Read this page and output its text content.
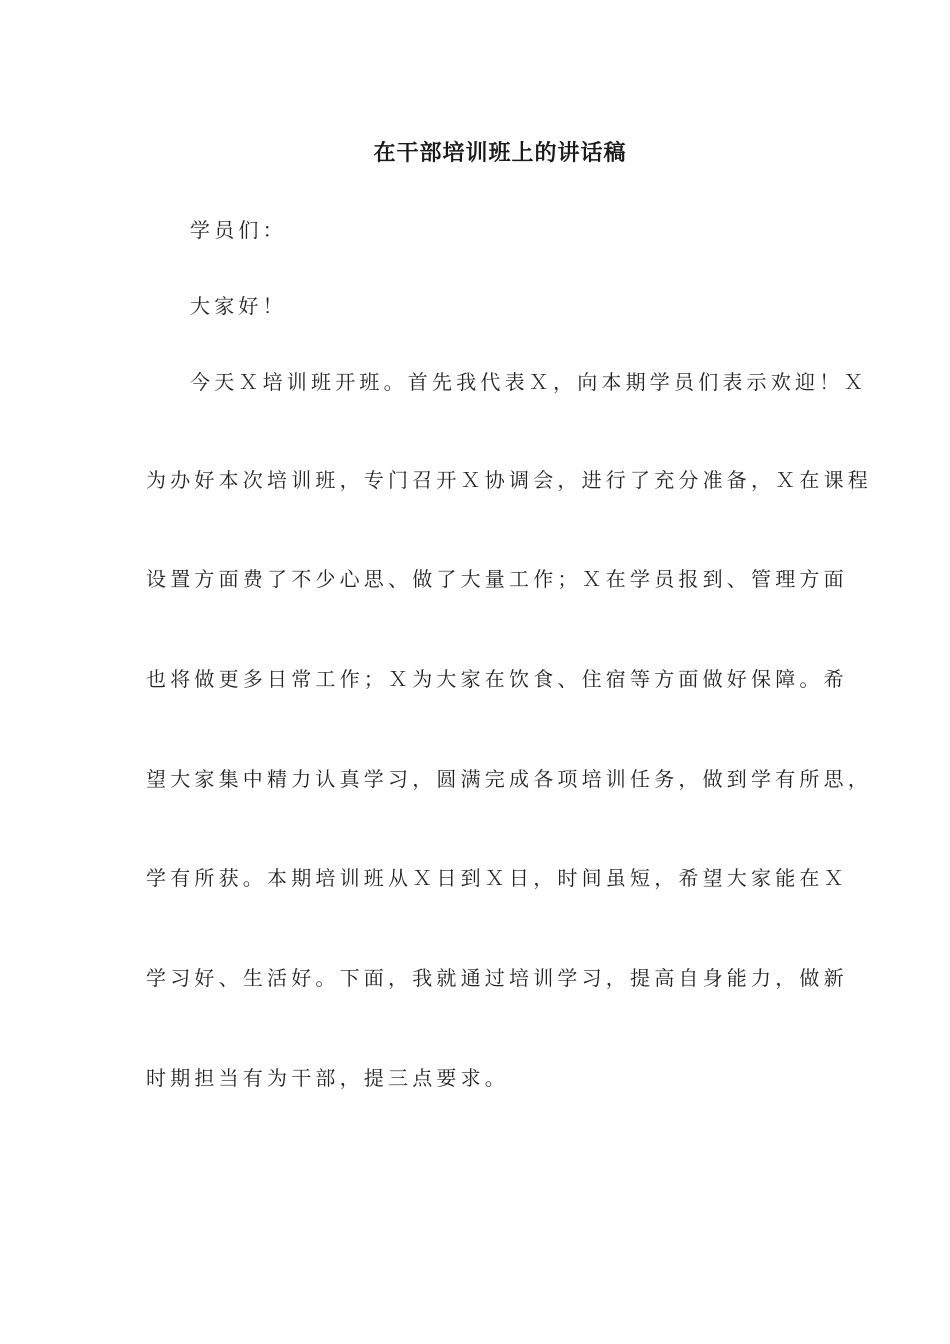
在干部培训班上的讲话稿
学员们：
大家好！
今天Ｘ培训班开班。首先我代表Ｘ，向本期学员们表示欢迎！Ｘ
为办好本次培训班，专门召开Ｘ协调会，进行了充分准备，Ｘ在课程
设置方面费了不少心思、做了大量工作；Ｘ在学员报到、管理方面
也将做更多日常工作；Ｘ为大家在饮食、住宿等方面做好保障。希
望大家集中精力认真学习，圆满完成各项培训任务，做到学有所思，
学有所获。本期培训班从Ｘ日到Ｘ日，时间虽短，希望大家能在Ｘ
学习好、生活好。下面，我就通过培训学习，提高自身能力，做新
时期担当有为干部，提三点要求。
